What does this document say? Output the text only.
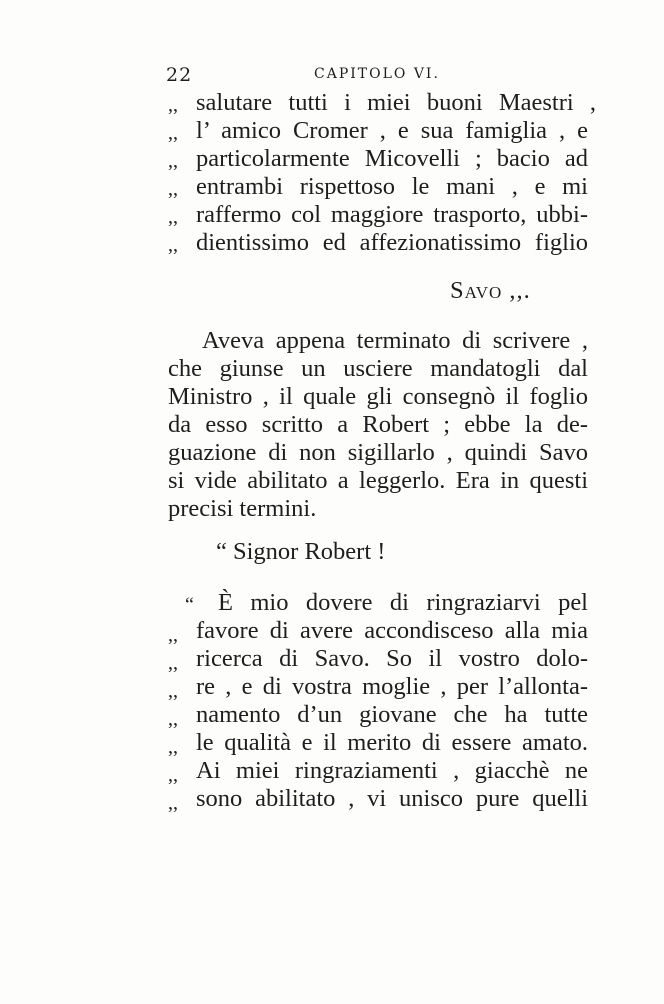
22	CAPITOLO VI.
,, salutare tutti i miei buoni Maestri ,
,, l’ amico Cromer , e sua famiglia , e
,, particolarmente Micovelli ; bacio ad
,, entrambi rispettoso le mani , e mi
,, raffermo col maggiore trasporto, ubbi-
,, dientissimo ed affezionatissimo figlio
Savo ,,.
Aveva appena terminato di scrivere ,
che giunse un usciere mandatogli dal
Ministro , il quale gli consegnò il foglio
da esso scritto a Robert ; ebbe la de-
guazione di non sigillarlo , quindi Savo
si vide abilitato a leggerlo. Era in questi
precisi termini.
“ Signor Robert !
“ È mio dovere di ringraziarvi pel
,, favore di avere accondisceso alla mia
,, ricerca di Savo. So il vostro dolo-
,, re , e di vostra moglie , per l’allonta-
,, namento d’un giovane che ha tutte
,, le qualità e il merito di essere amato.
,, Ai miei ringraziamenti , giacchè ne
,, sono abilitato , vi unisco pure quelli
